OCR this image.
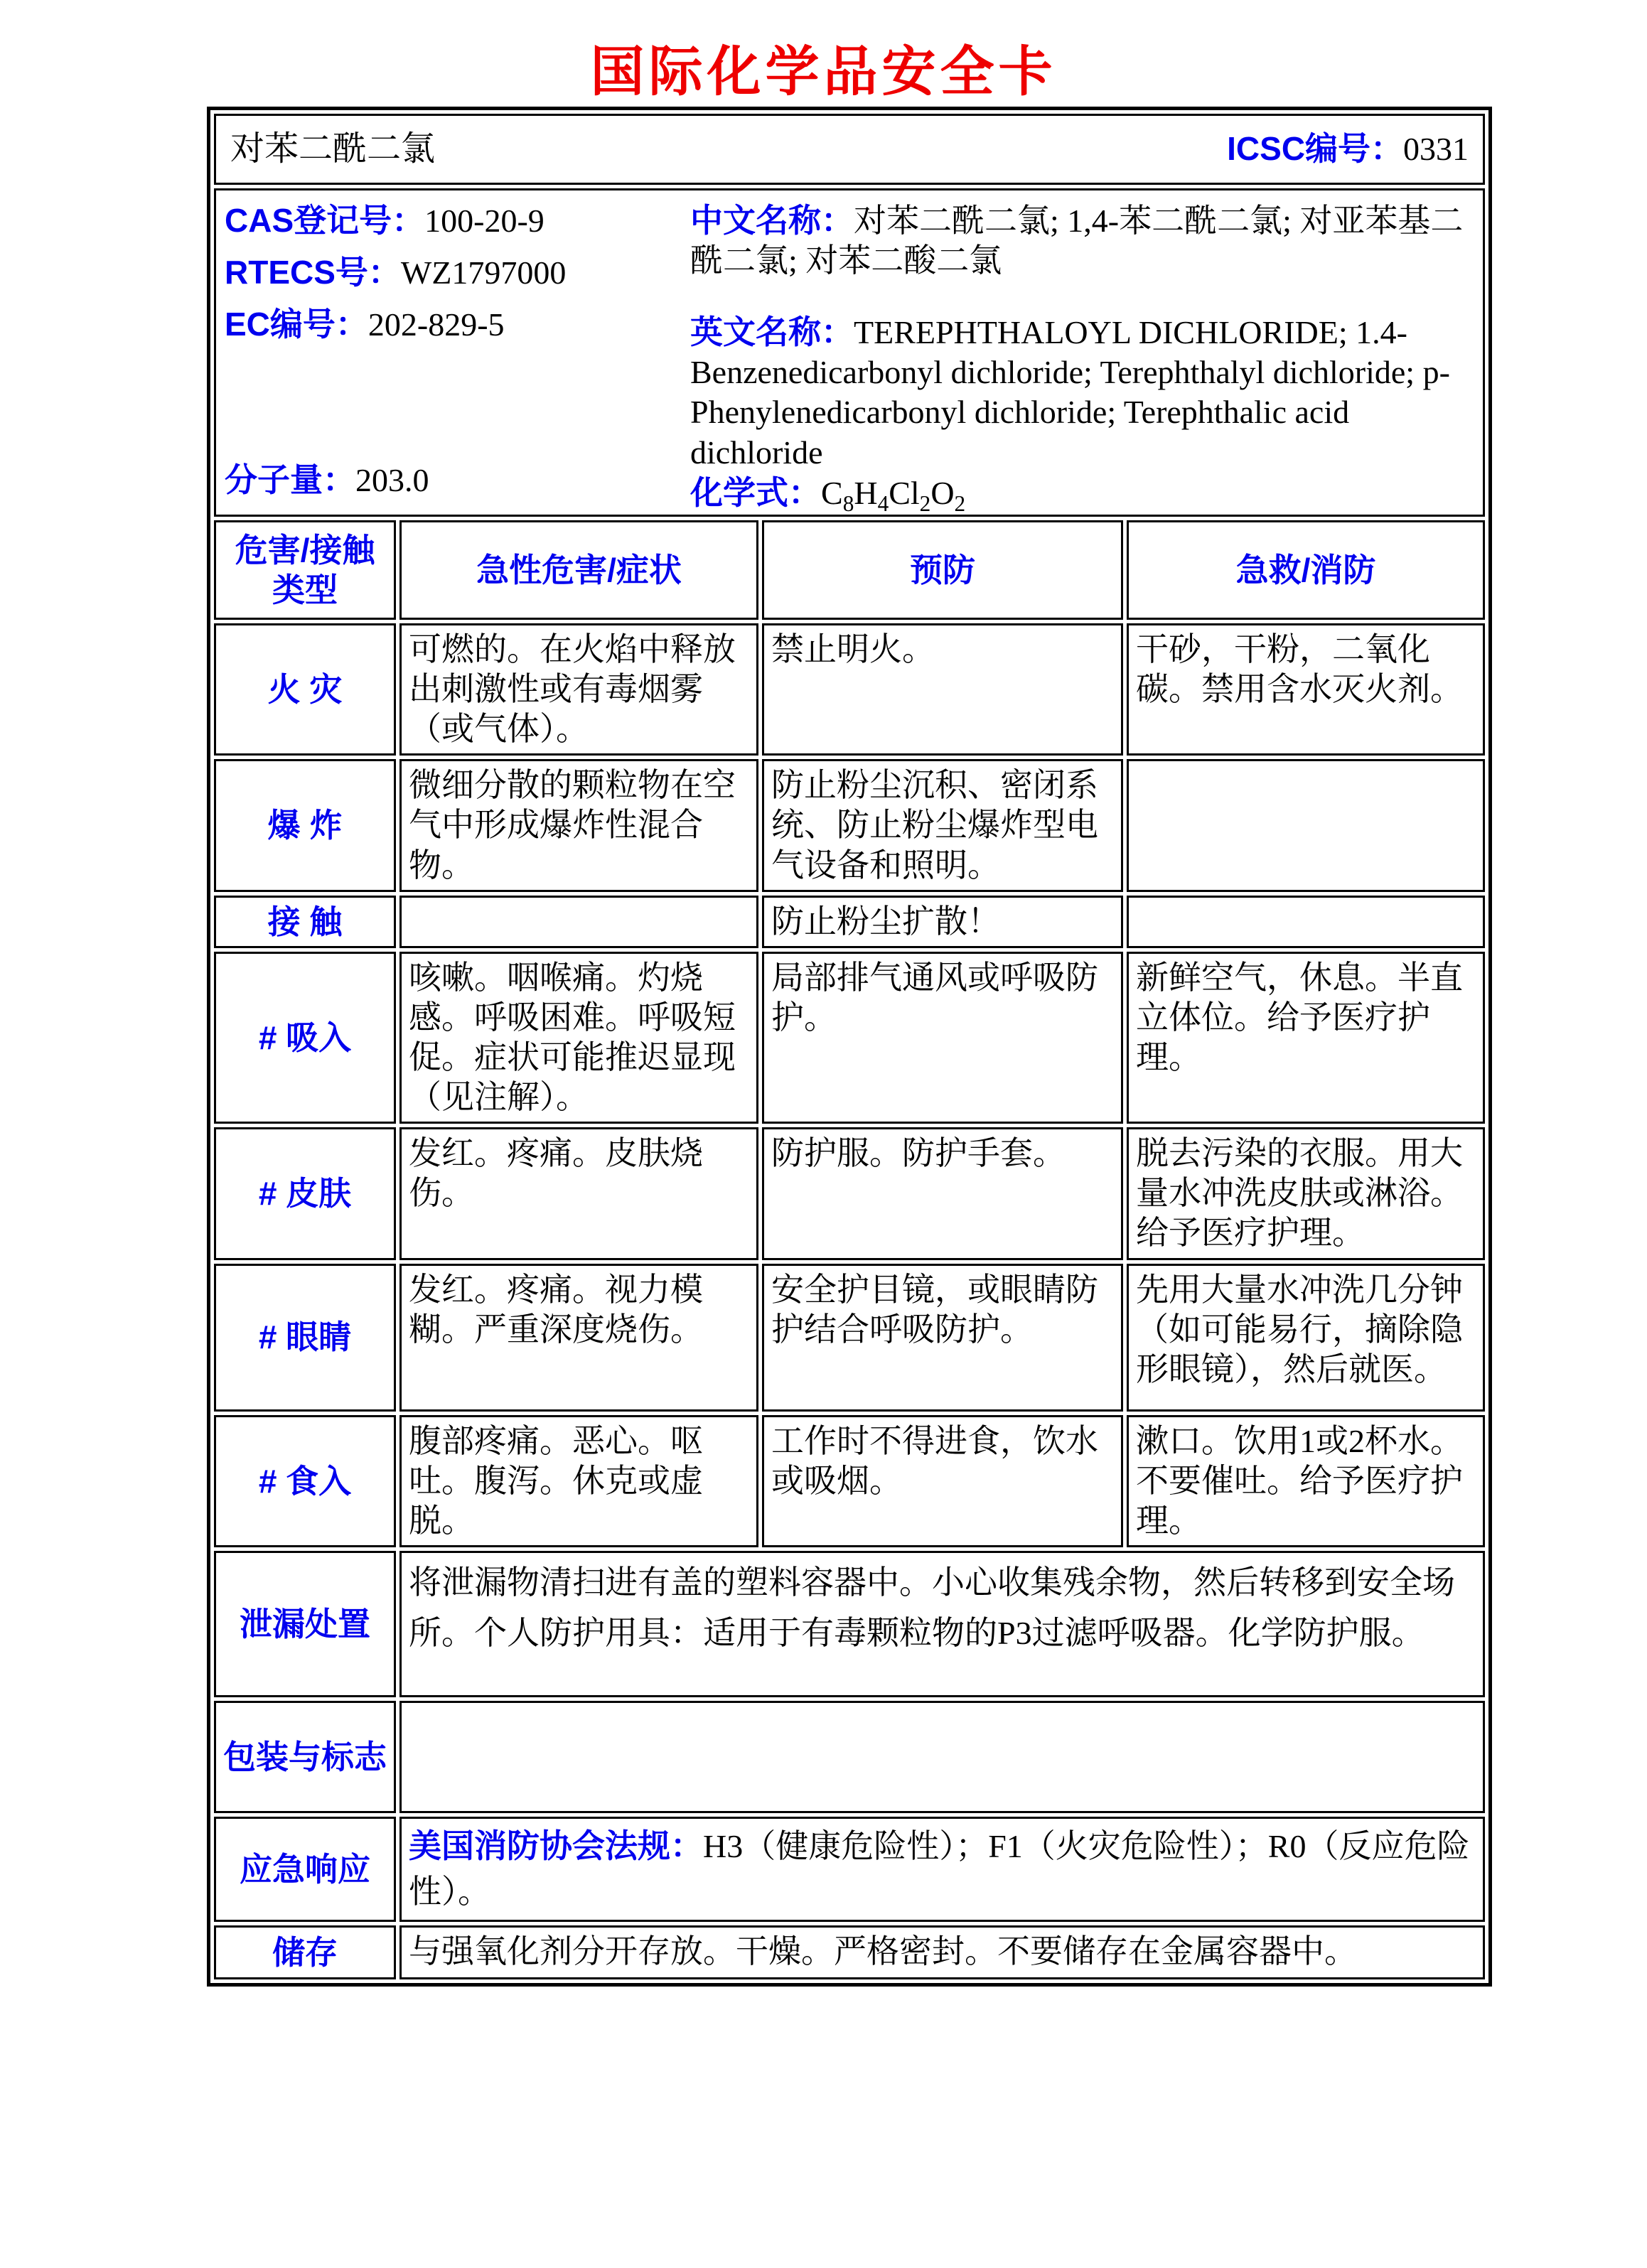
国际化学品安全卡
对苯二酰二氯 ICSC编号：0331			

CAS登记号：100-20-9
RTECS号：WZ1797000
EC编号：202-829-5
分子量：203.0
中文名称：对苯二酰二氯; 1,4-苯二酰二氯; 对亚苯基二酰二氯; 对苯二酸二氯
英文名称：TEREPHTHALOYL DICHLORIDE; 1.4-Benzenedicarbonyl dichloride; Terephthalyl dichloride; p-Phenylenedicarbonyl dichloride; Terephthalic acid dichloride
化学式：$C_8H_4Cl_2O_2$

危害/接触类型	急性危害/症状	预防	急救/消防
火 灾	可燃的。在火焰中释放出刺激性或有毒烟雾（或气体）。	禁止明火。	干砂，干粉，二氧化碳。禁用含水灭火剂。
爆 炸	微细分散的颗粒物在空气中形成爆炸性混合物。	防止粉尘沉积、密闭系统、防止粉尘爆炸型电气设备和照明。	
接 触		防止粉尘扩散！	
# 吸入	咳嗽。咽喉痛。灼烧感。呼吸困难。呼吸短促。症状可能推迟显现（见注解）。	局部排气通风或呼吸防护。	新鲜空气，休息。半直立体位。给予医疗护理。
# 皮肤	发红。疼痛。皮肤烧伤。	防护服。防护手套。	脱去污染的衣服。用大量水冲洗皮肤或淋浴。给予医疗护理。
# 眼睛	发红。疼痛。视力模糊。严重深度烧伤。	安全护目镜，或眼睛防护结合呼吸防护。	先用大量水冲洗几分钟（如可能易行，摘除隐形眼镜），然后就医。
# 食入	腹部疼痛。恶心。呕吐。腹泻。休克或虚脱。	工作时不得进食，饮水或吸烟。	漱口。饮用1或2杯水。不要催吐。给予医疗护理。
泄漏处置	将泄漏物清扫进有盖的塑料容器中。小心收集残余物，然后转移到安全场所。个人防护用具：适用于有毒颗粒物的P3过滤呼吸器。化学防护服。		
包装与标志			
应急响应	美国消防协会法规：H3（健康危险性）；F1（火灾危险性）；R0（反应危险性）。		
储存	与强氧化剂分开存放。干燥。严格密封。不要储存在金属容器中。		
